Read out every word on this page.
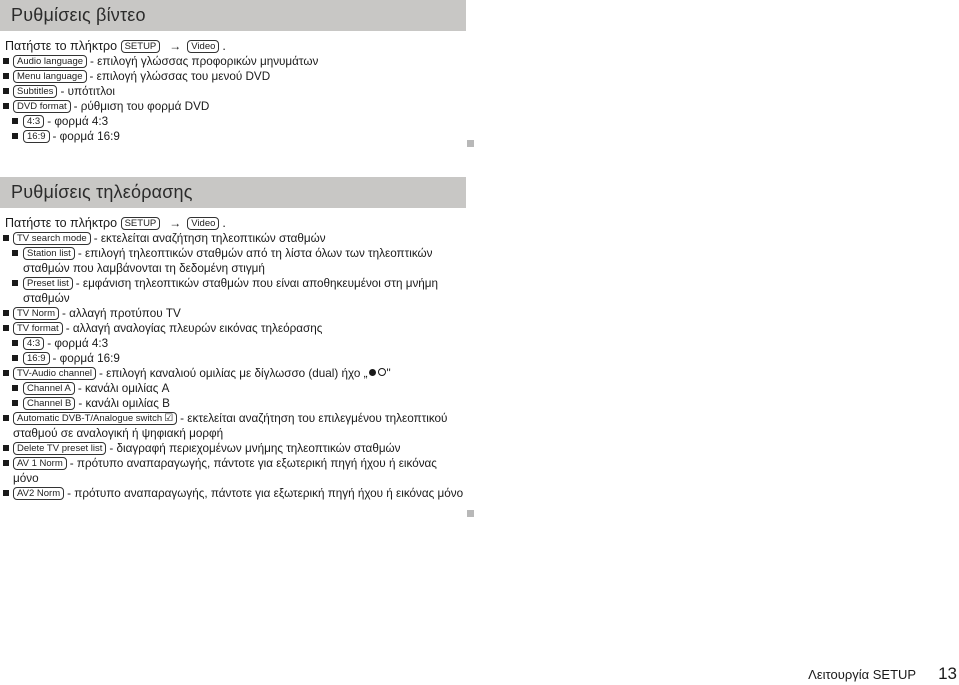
Ρυθμίσεις βίντεο
Πατήστε το πλήκτρο SETUP → Video .
Audio language - επιλογή γλώσσας προφορικών μηνυμάτων
Menu language - επιλογή γλώσσας του μενού DVD
Subtitles - υπότιτλοι
DVD format - ρύθμιση του φορμά DVD
4:3 - φορμά 4:3
16:9 - φορμά 16:9
Ρυθμίσεις τηλεόρασης
Πατήστε το πλήκτρο SETUP → Video .
TV search mode - εκτελείται αναζήτηση τηλεοπτικών σταθμών
Station list - επιλογή τηλεοπτικών σταθμών από τη λίστα όλων των τηλεοπτικών σταθμών που λαμβάνονται τη δεδομένη στιγμή
Preset list - εμφάνιση τηλεοπτικών σταθμών που είναι αποθηκευμένοι στη μνήμη σταθμών
TV Norm - αλλαγή προτύπου TV
TV format - αλλαγή αναλογίας πλευρών εικόνας τηλεόρασης
4:3 - φορμά 4:3
16:9 - φορμά 16:9
TV-Audio channel - επιλογή καναλιού ομιλίας με δίγλωσσο (dual) ήχο „ "
Channel A - κανάλι ομιλίας A
Channel B - κανάλι ομιλίας B
Automatic DVB-T/Analogue switch ☑ - εκτελείται αναζήτηση του επιλεγμένου τηλεοπτικού σταθμού σε αναλογική ή ψηφιακή μορφή
Delete TV preset list - διαγραφή περιεχομένων μνήμης τηλεοπτικών σταθμών
AV 1 Norm - πρότυπο αναπαραγωγής, πάντοτε για εξωτερική πηγή ήχου ή εικόνας μόνο
AV2 Norm - πρότυπο αναπαραγωγής, πάντοτε για εξωτερική πηγή ήχου ή εικόνας μόνο
Λειτουργία SETUP 13
